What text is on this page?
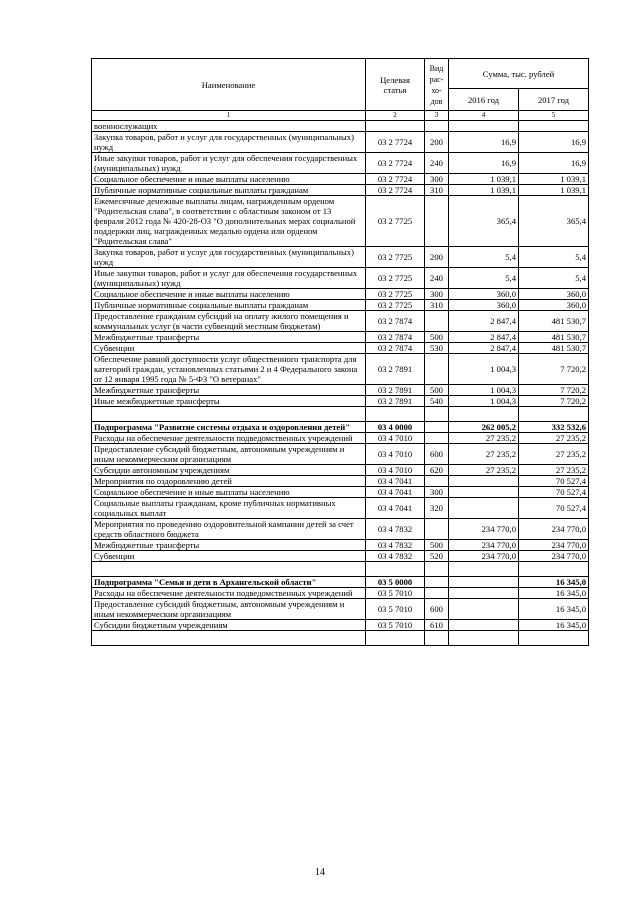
Наименование	Целевая статья	Вид рас-хо-дов	Сумма, тыс. рублей	
			2016 год	2017 год
1	2	3	4	5
военнослужащих				
Закупка товаров, работ и услуг для государственных (муниципальных) нужд	03 2 7724	200	16,9	16,9
Иные закупки товаров, работ и услуг для обеспечения государственных (муниципальных) нужд	03 2 7724	240	16,9	16,9
Социальное обеспечение и иные выплаты населению	03 2 7724	300	1 039,1	1 039,1
Публичные нормативные социальные выплаты гражданам	03 2 7724	310	1 039,1	1 039,1
Ежемесячные денежные выплаты лицам, награжденным орденом "Родительская слава", в соответствии с областным законом от 13 февраля 2012 года № 420-28-ОЗ "О дополнительных мерах социальной поддержки лиц, награжденных медалью ордена или орденом "Родительская слава"	03 2 7725		365,4	365,4
Закупка товаров, работ и услуг для государственных (муниципальных) нужд	03 2 7725	200	5,4	5,4
Иные закупки товаров, работ и услуг для обеспечения государственных (муниципальных) нужд	03 2 7725	240	5,4	5,4
Социальное обеспечение и иные выплаты населению	03 2 7725	300	360,0	360,0
Публичные нормативные социальные выплаты гражданам	03 2 7725	310	360,0	360,0
Предоставление гражданам субсидий на оплату жилого помещения и коммунальных услуг (в части субвенций местным бюджетам)	03 2 7874		2 847,4	481 530,7
Межбюджетные трансферты	03 2 7874	500	2 847,4	481 530,7
Субвенции	03 2 7874	530	2 847,4	481 530,7
Обеспечение равной доступности услуг общественного транспорта для категорий граждан, установленных статьями 2 и 4 Федерального закона от 12 января 1995 года № 5-ФЗ "О ветеранах"	03 2 7891		1 004,3	7 720,2
Межбюджетные трансферты	03 2 7891	500	1 004,3	7 720,2
Иные межбюджетные трансферты	03 2 7891	540	1 004,3	7 720,2

Подпрограмма "Развитие системы отдыха и оздоровления детей"	03 4 0000		262 005,2	332 532,6
Расходы на обеспечение деятельности подведомственных учреждений	03 4 7010		27 235,2	27 235,2
Предоставление субсидий бюджетным, автономным учреждениям и иным некоммерческим организациям	03 4 7010	600	27 235,2	27 235,2
Субсидии автономным учреждениям	03 4 7010	620	27 235,2	27 235,2
Мероприятия по оздоровлению детей	03 4 7041			70 527,4
Социальное обеспечение и иные выплаты населению	03 4 7041	300		70 527,4
Социальные выплаты гражданам, кроме публичных нормативных социальных выплат	03 4 7041	320		70 527,4
Мероприятия по проведению оздоровительной кампании детей за счет средств областного бюджета	03 4 7832		234 770,0	234 770,0
Межбюджетные трансферты	03 4 7832	500	234 770,0	234 770,0
Субвенции	03 4 7832	520	234 770,0	234 770,0

Подпрограмма "Семья и дети в Архангельской области"	03 5 0000			16 345,0
Расходы на обеспечение деятельности подведомственных учреждений	03 5 7010			16 345,0
Предоставление субсидий бюджетным, автономным учреждениям и иным некоммерческим организациям	03 5 7010	600		16 345,0
Субсидии бюджетным учреждениям	03 5 7010	610		16 345,0

14
